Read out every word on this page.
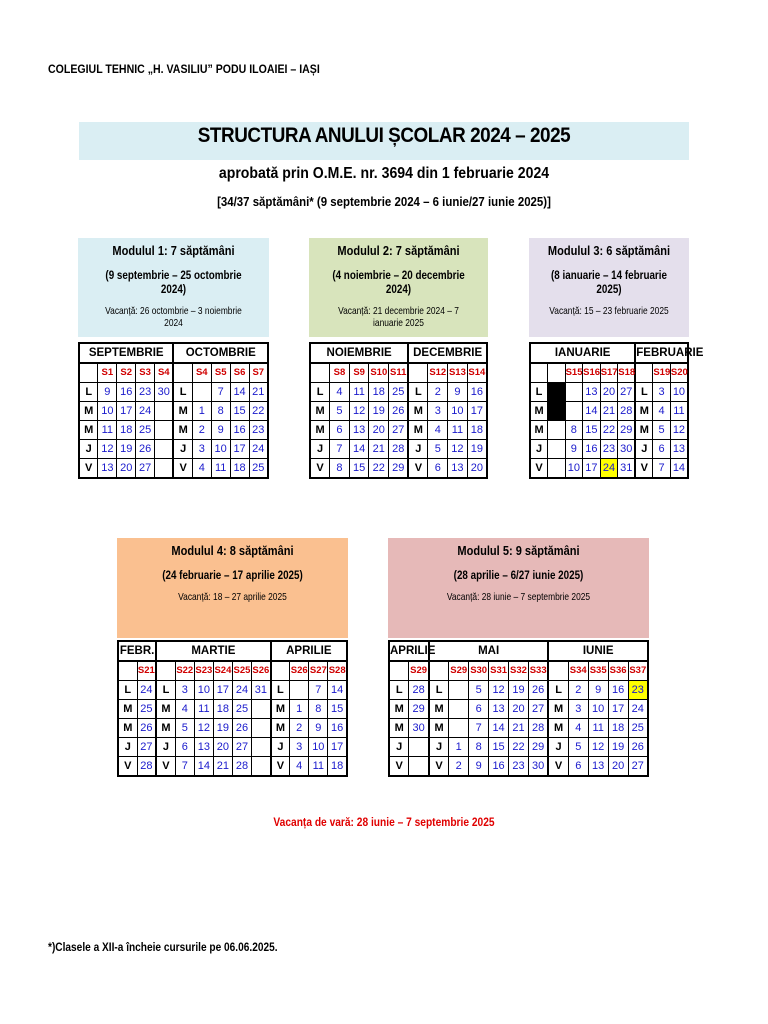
COLEGIUL TEHNIC „H. VASILIU” PODU ILOAIEI – IAȘI
STRUCTURA ANULUI ȘCOLAR 2024 – 2025
aprobată prin O.M.E. nr. 3694 din 1 februarie 2024
[34/37 săptămâni* (9 septembrie 2024 – 6 iunie/27 iunie 2025)]
Modulul 1: 7 săptămâni
(9 septembrie – 25 octombrie 2024)
Vacanță: 26 octombrie – 3 noiembrie 2024
Modulul 2: 7 săptămâni
(4 noiembrie – 20 decembrie 2024)
Vacanță: 21 decembrie 2024 – 7 ianuarie 2025
Modulul 3: 6 săptămâni
(8 ianuarie – 14 februarie 2025)
Vacanță: 15 – 23 februarie 2025
Modulul 4: 8 săptămâni
(24 februarie – 17 aprilie 2025)
Vacanță: 18 – 27 aprilie 2025
Modulul 5: 9 săptămâni
(28 aprilie – 6/27 iunie 2025)
Vacanță: 28 iunie – 7 septembrie 2025
SEPTEMBRIE					OCTOMBRIE				
	S1	S2	S3	S4		S4	S5	S6	S7
L	9	16	23	30	L		7	14	21
M	10	17	24		M	1	8	15	22
M	11	18	25		M	2	9	16	23
J	12	19	26		J	3	10	17	24
V	13	20	27		V	4	11	18	25
NOIEMBRIE					DECEMBRIE			
	S8	S9	S10	S11		S12	S13	S14
L	4	11	18	25	L	2	9	16
M	5	12	19	26	M	3	10	17
M	6	13	20	27	M	4	11	18
J	7	14	21	28	J	5	12	19
V	8	15	22	29	V	6	13	20
IANUARIE						FEBRUARIE		
		S15	S16	S17	S18		S19	S20
L			13	20	27	L	3	10
M			14	21	28	M	4	11
M		8	15	22	29	M	5	12
J		9	16	23	30	J	6	13
V		10	17	24	31	V	7	14
FEBR.		MARTIE						APRILIE			
	S21		S22	S23	S24	S25	S26		S26	S27	S28
L	24	L	3	10	17	24	31	L		7	14
M	25	M	4	11	18	25		M	1	8	15
M	26	M	5	12	19	26		M	2	9	16
J	27	J	6	13	20	27		J	3	10	17
V	28	V	7	14	21	28		V	4	11	18
APRILIE		MAI						IUNIE				
	S29		S29	S30	S31	S32	S33		S34	S35	S36	S37
L	28	L		5	12	19	26	L	2	9	16	23
M	29	M		6	13	20	27	M	3	10	17	24
M	30	M		7	14	21	28	M	4	11	18	25
J		J	1	8	15	22	29	J	5	12	19	26
V		V	2	9	16	23	30	V	6	13	20	27
Vacanța de vară: 28 iunie – 7 septembrie 2025
*)Clasele a XII-a încheie cursurile pe 06.06.2025.
